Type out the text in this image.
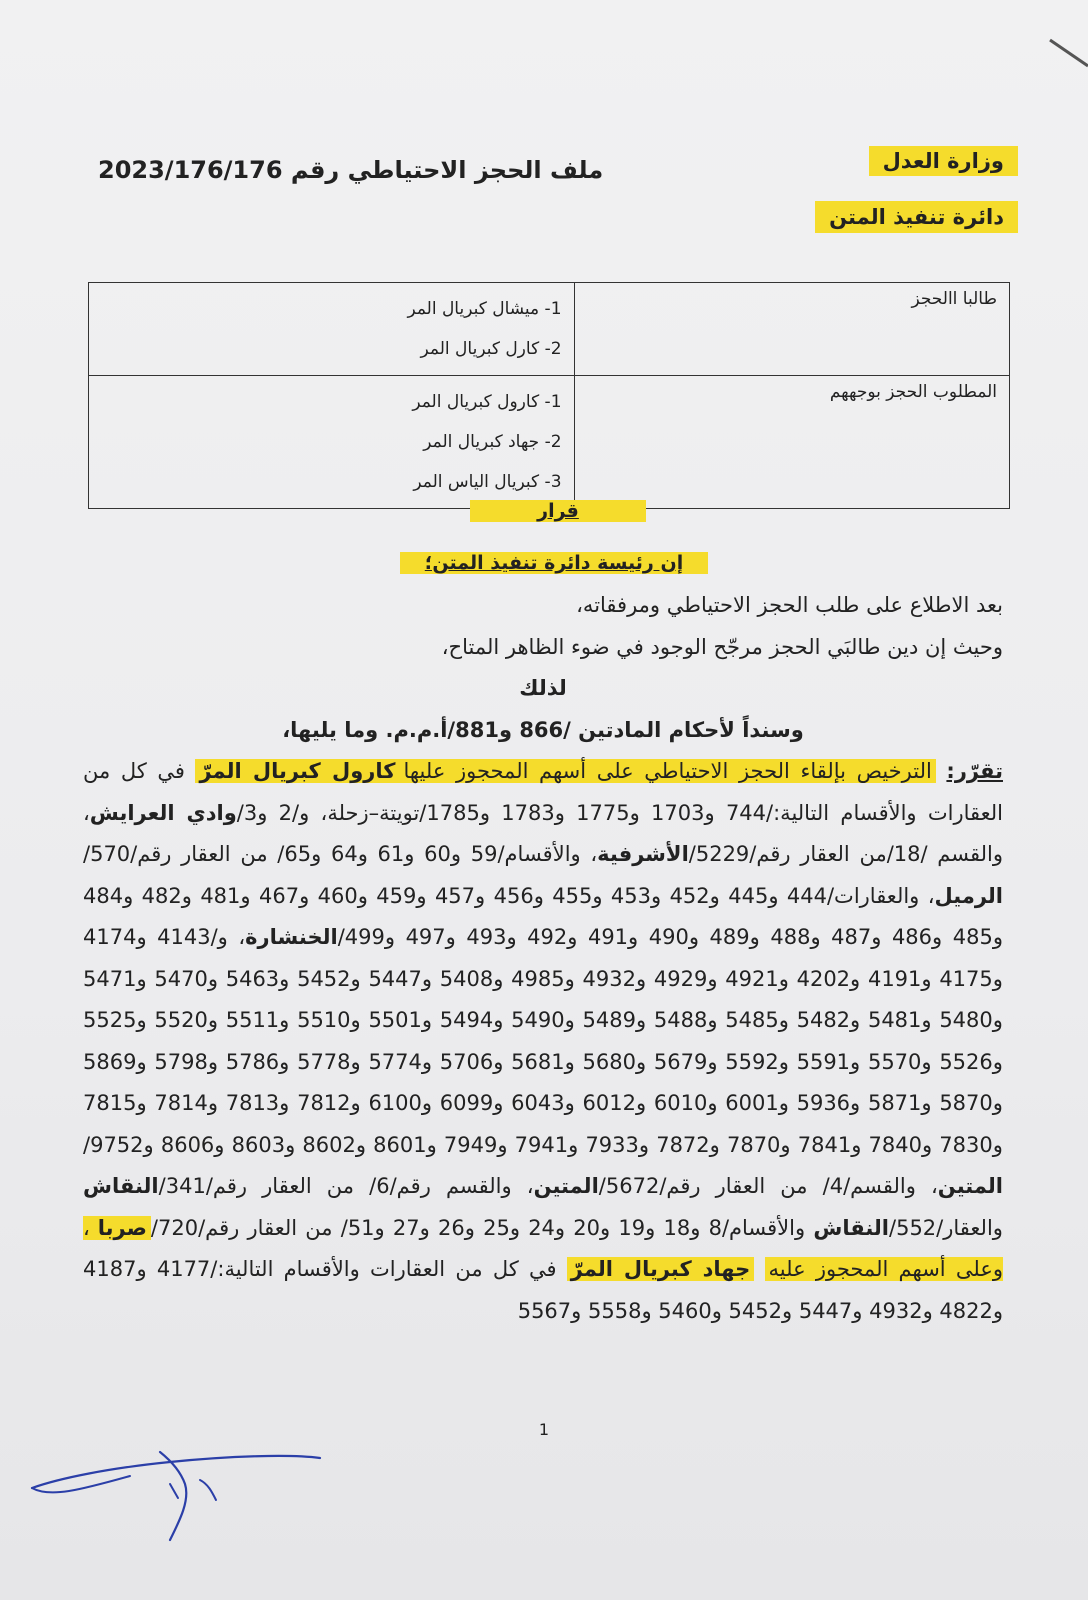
وزارة العدل
دائرة تنفيذ المتن
ملف الحجز الاحتياطي رقم 2023/176/176
طالبا االحجز	1- ميشال كبريال المر
2- كارل كبريال المر

المطلوب الحجز بوجههم	1- كارول كبريال المر
2- جهاد كبريال المر
3- كبريال الياس المر
قرار
إن رئيسة دائرة تنفيذ المتن؛

بعد الاطلاع على طلب الحجز الاحتياطي ومرفقاته،

وحيث إن دين طالبَي الحجز مرجّح الوجود في ضوء الظاهر المتاح،

لذلك

وسنداً لأحكام المادتين /866 و881/أ.م.م. وما يليها،

تقرّر: الترخيص بإلقاء الحجز الاحتياطي على أسهم المحجوز عليهاكارول كبريال المرّ في كل من العقارات والأقسام التالية:/744 و1703 و1775 و1783 و1785/تويتة–زحلة، و/2 و3/وادي العرايش، والقسم /18/من العقار رقم/5229/الأشرفية، والأقسام/59 و60 و61 و64 و65/ من العقار رقم/570/الرميل، والعقارات/444 و445 و452 و453 و455 و456 و457 و459 و460 و467 و481 و482 و484 و485 و486 و487 و488 و489 و490 و491 و492 و493 و497 و499/الخنشارة، و/4143 و4174 و4175 و4191 و4202 و4921 و4929 و4932 و4985 و5408 و5447 و5452 و5463 و5470 و5471 و5480 و5481 و5482 و5485 و5488 و5489 و5490 و5494 و5501 و5510 و5511 و5520 و5525 و5526 و5570 و5591 و5592 و5679 و5680 و5681 و5706 و5774 و5778 و5786 و5798 و5869 و5870 و5871 و5936 و6001 و6010 و6012 و6043 و6099 و6100 و7812 و7813 و7814 و7815 و7830 و7840 و7841 و7870 و7872 و7933 و7941 و7949 و8601 و8602 و8603 و8606 و9752/المتين، والقسم/4/ من العقار رقم/5672/المتين، والقسم رقم/6/ من العقار رقم/341/النقاش والعقار/552/النقاش والأقسام/8 و18 و19 و20 و24 و25 و26 و27 و51/ من العقار رقم/720/صربا، وعلى أسهم المحجوز عليه جهاد كبريال المرّ في كل من العقارات والأقسام التالية:/4177 و4187 و4822 و4932 و5447 و5452 و5460 و5558 و5567

1
